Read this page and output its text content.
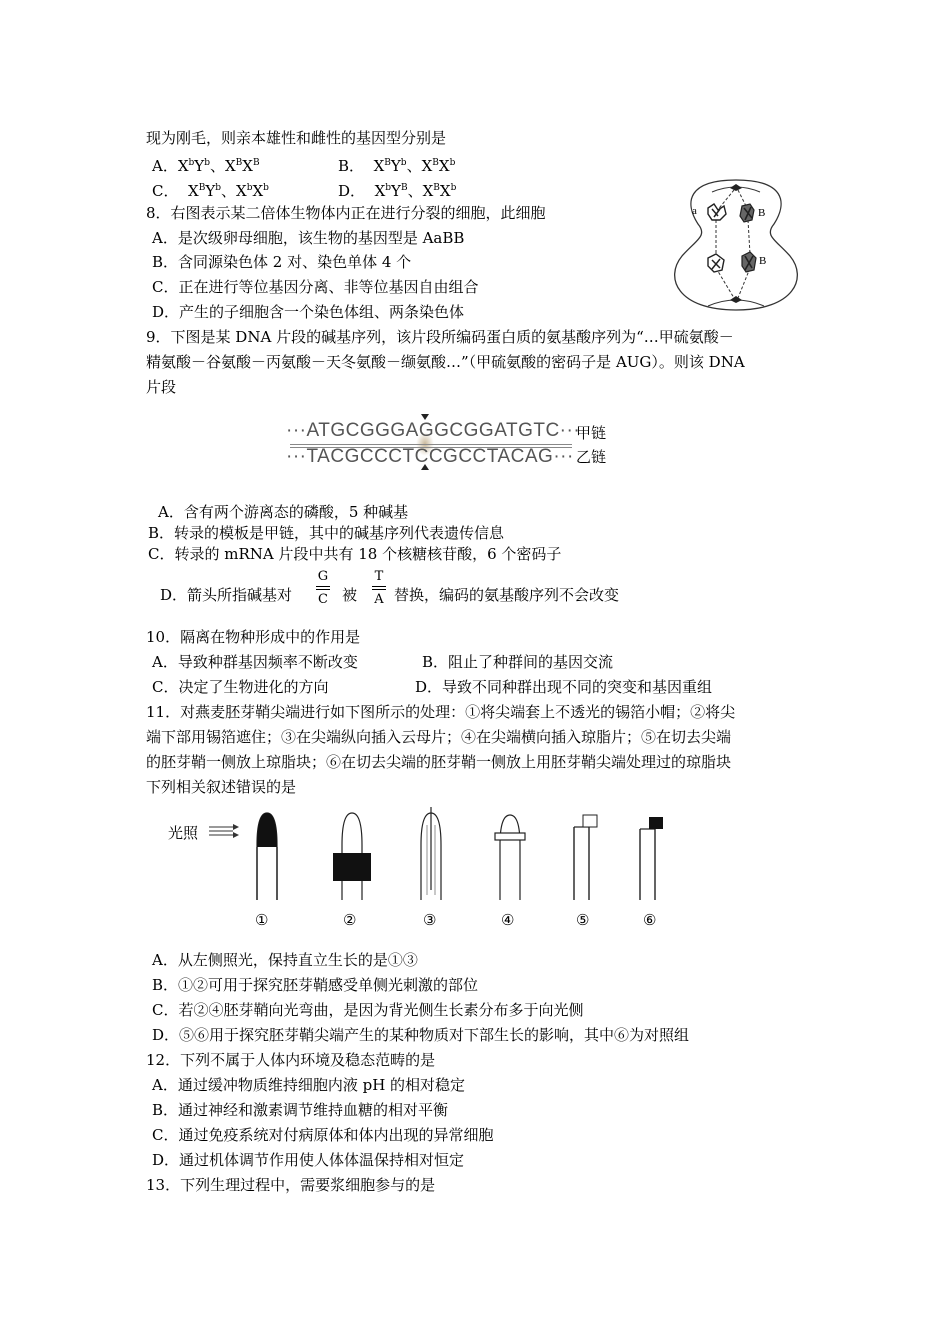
现为刚毛，则亲本雄性和雌性的基因型分别是
A．$X^bY^b$、$X^BX^B$	B． $X^BY^b$、$X^BX^b$
C． $X^BY^b$、$X^bX^b$	D． $X^bY^B$、$X^BX^b$
8．右图表示某二倍体生物体内正在进行分裂的细胞，此细胞
A．是次级卵母细胞，该生物的基因型是 AaBB
B．含同源染色体 2 对、染色单体 4 个
C．正在进行等位基因分离、非等位基因自由组合
D．产生的子细胞含一个染色体组、两条染色体
a	B
B
9．下图是某 DNA 片段的碱基序列，该片段所编码蛋白质的氨基酸序列为“…甲硫氨酸－
精氨酸－谷氨酸－丙氨酸－天冬氨酸－缬氨酸…”（甲硫氨酸的密码子是 AUG）。则该 DNA
片段
···ATGCGGGAGGCGGATGTC···
···TACGCCCTCCGCCTACAG···
甲链
乙链
A．含有两个游离态的磷酸，5 种碱基
B．转录的模板是甲链，其中的碱基序列代表遗传信息
C．转录的 mRNA 片段中共有 18 个核糖核苷酸，6 个密码子
D．箭头所指碱基对
G
C 被
T
A 替换，编码的氨基酸序列不会改变
10．隔离在物种形成中的作用是
A．导致种群基因频率不断改变	B．阻止了种群间的基因交流
C．决定了生物进化的方向	D．导致不同种群出现不同的突变和基因重组
11．对燕麦胚芽鞘尖端进行如下图所示的处理：①将尖端套上不透光的锡箔小帽；②将尖
端下部用锡箔遮住；③在尖端纵向插入云母片；④在尖端横向插入琼脂片；⑤在切去尖端
的胚芽鞘一侧放上琼脂块；⑥在切去尖端的胚芽鞘一侧放上用胚芽鞘尖端处理过的琼脂块
下列相关叙述错误的是
光照
①	②	③	④	⑤	⑥
A．从左侧照光，保持直立生长的是①③
B．①②可用于探究胚芽鞘感受单侧光刺激的部位
C．若②④胚芽鞘向光弯曲，是因为背光侧生长素分布多于向光侧
D．⑤⑥用于探究胚芽鞘尖端产生的某种物质对下部生长的影响，其中⑥为对照组
12．下列不属于人体内环境及稳态范畴的是
A．通过缓冲物质维持细胞内液 pH 的相对稳定
B．通过神经和激素调节维持血糖的相对平衡
C．通过免疫系统对付病原体和体内出现的异常细胞
D．通过机体调节作用使人体体温保持相对恒定
13．下列生理过程中，需要浆细胞参与的是
